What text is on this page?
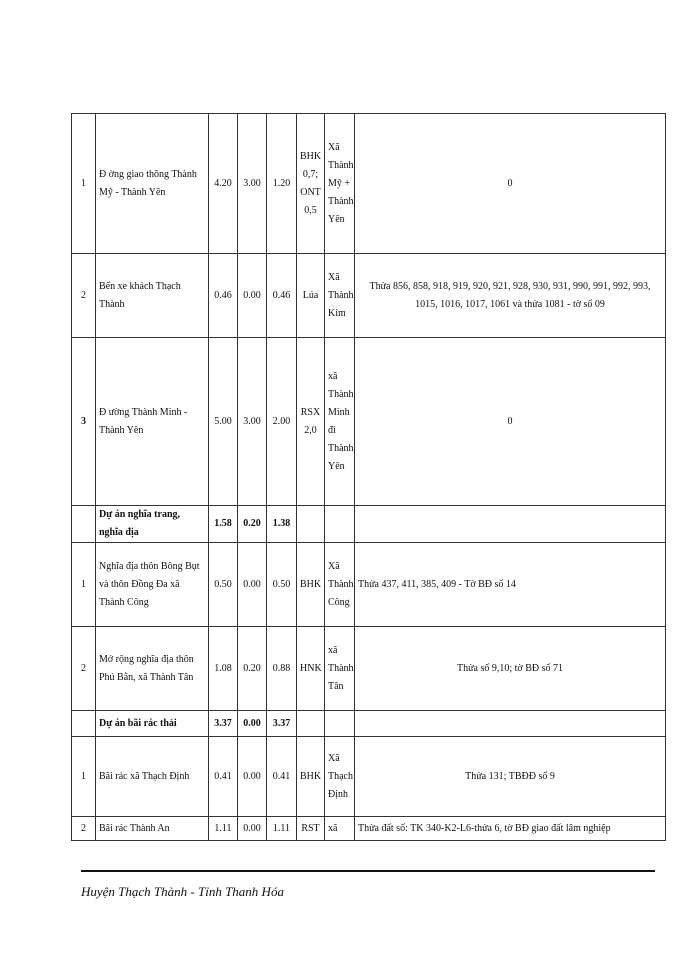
1	Đ ờng giao thông Thành Mỹ - Thành Yên	4.20	3.00	1.20	BHK 0,7; ONT 0,5	Xã Thành Mỹ + Thành Yên	0
2	Bến xe khách Thạch Thành	0.46	0.00	0.46	Lúa	Xã Thành Kim	Thửa 856, 858, 918, 919, 920, 921, 928, 930, 931, 990, 991, 992, 993, 1015, 1016, 1017, 1061 và thửa 1081 - tờ số 09
3	Đ ường Thành Minh - Thành Yên	5.00	3.00	2.00	RSX 2,0	xã Thành Minh đi Thành Yên	0
	Dự án nghĩa trang, nghĩa địa	1.58	0.20	1.38			
1	Nghĩa địa thôn Bông Bụt và thôn Đồng Đa xã Thành Công	0.50	0.00	0.50	BHK	Xã Thành Công	Thửa 437, 411, 385, 409 - Tờ BĐ số 14
2	Mở rộng nghĩa địa thôn Phú Bằn, xã Thành Tân	1.08	0.20	0.88	HNK	xã Thành Tân	Thửa số 9,10; tờ BĐ số 71
	Dự án bãi rác thải	3.37	0.00	3.37			
1	Bãi rác xã Thạch Định	0.41	0.00	0.41	BHK	Xã Thạch Định	Thửa 131; TBĐĐ số 9
2	Bãi rác Thành An	1.11	0.00	1.11	RST	xã	Thửa đất số: TK 340-K2-L6-thửa 6, tờ BĐ giao đất lâm nghiệp
Huyện Thạch Thành - Tỉnh Thanh Hóa
